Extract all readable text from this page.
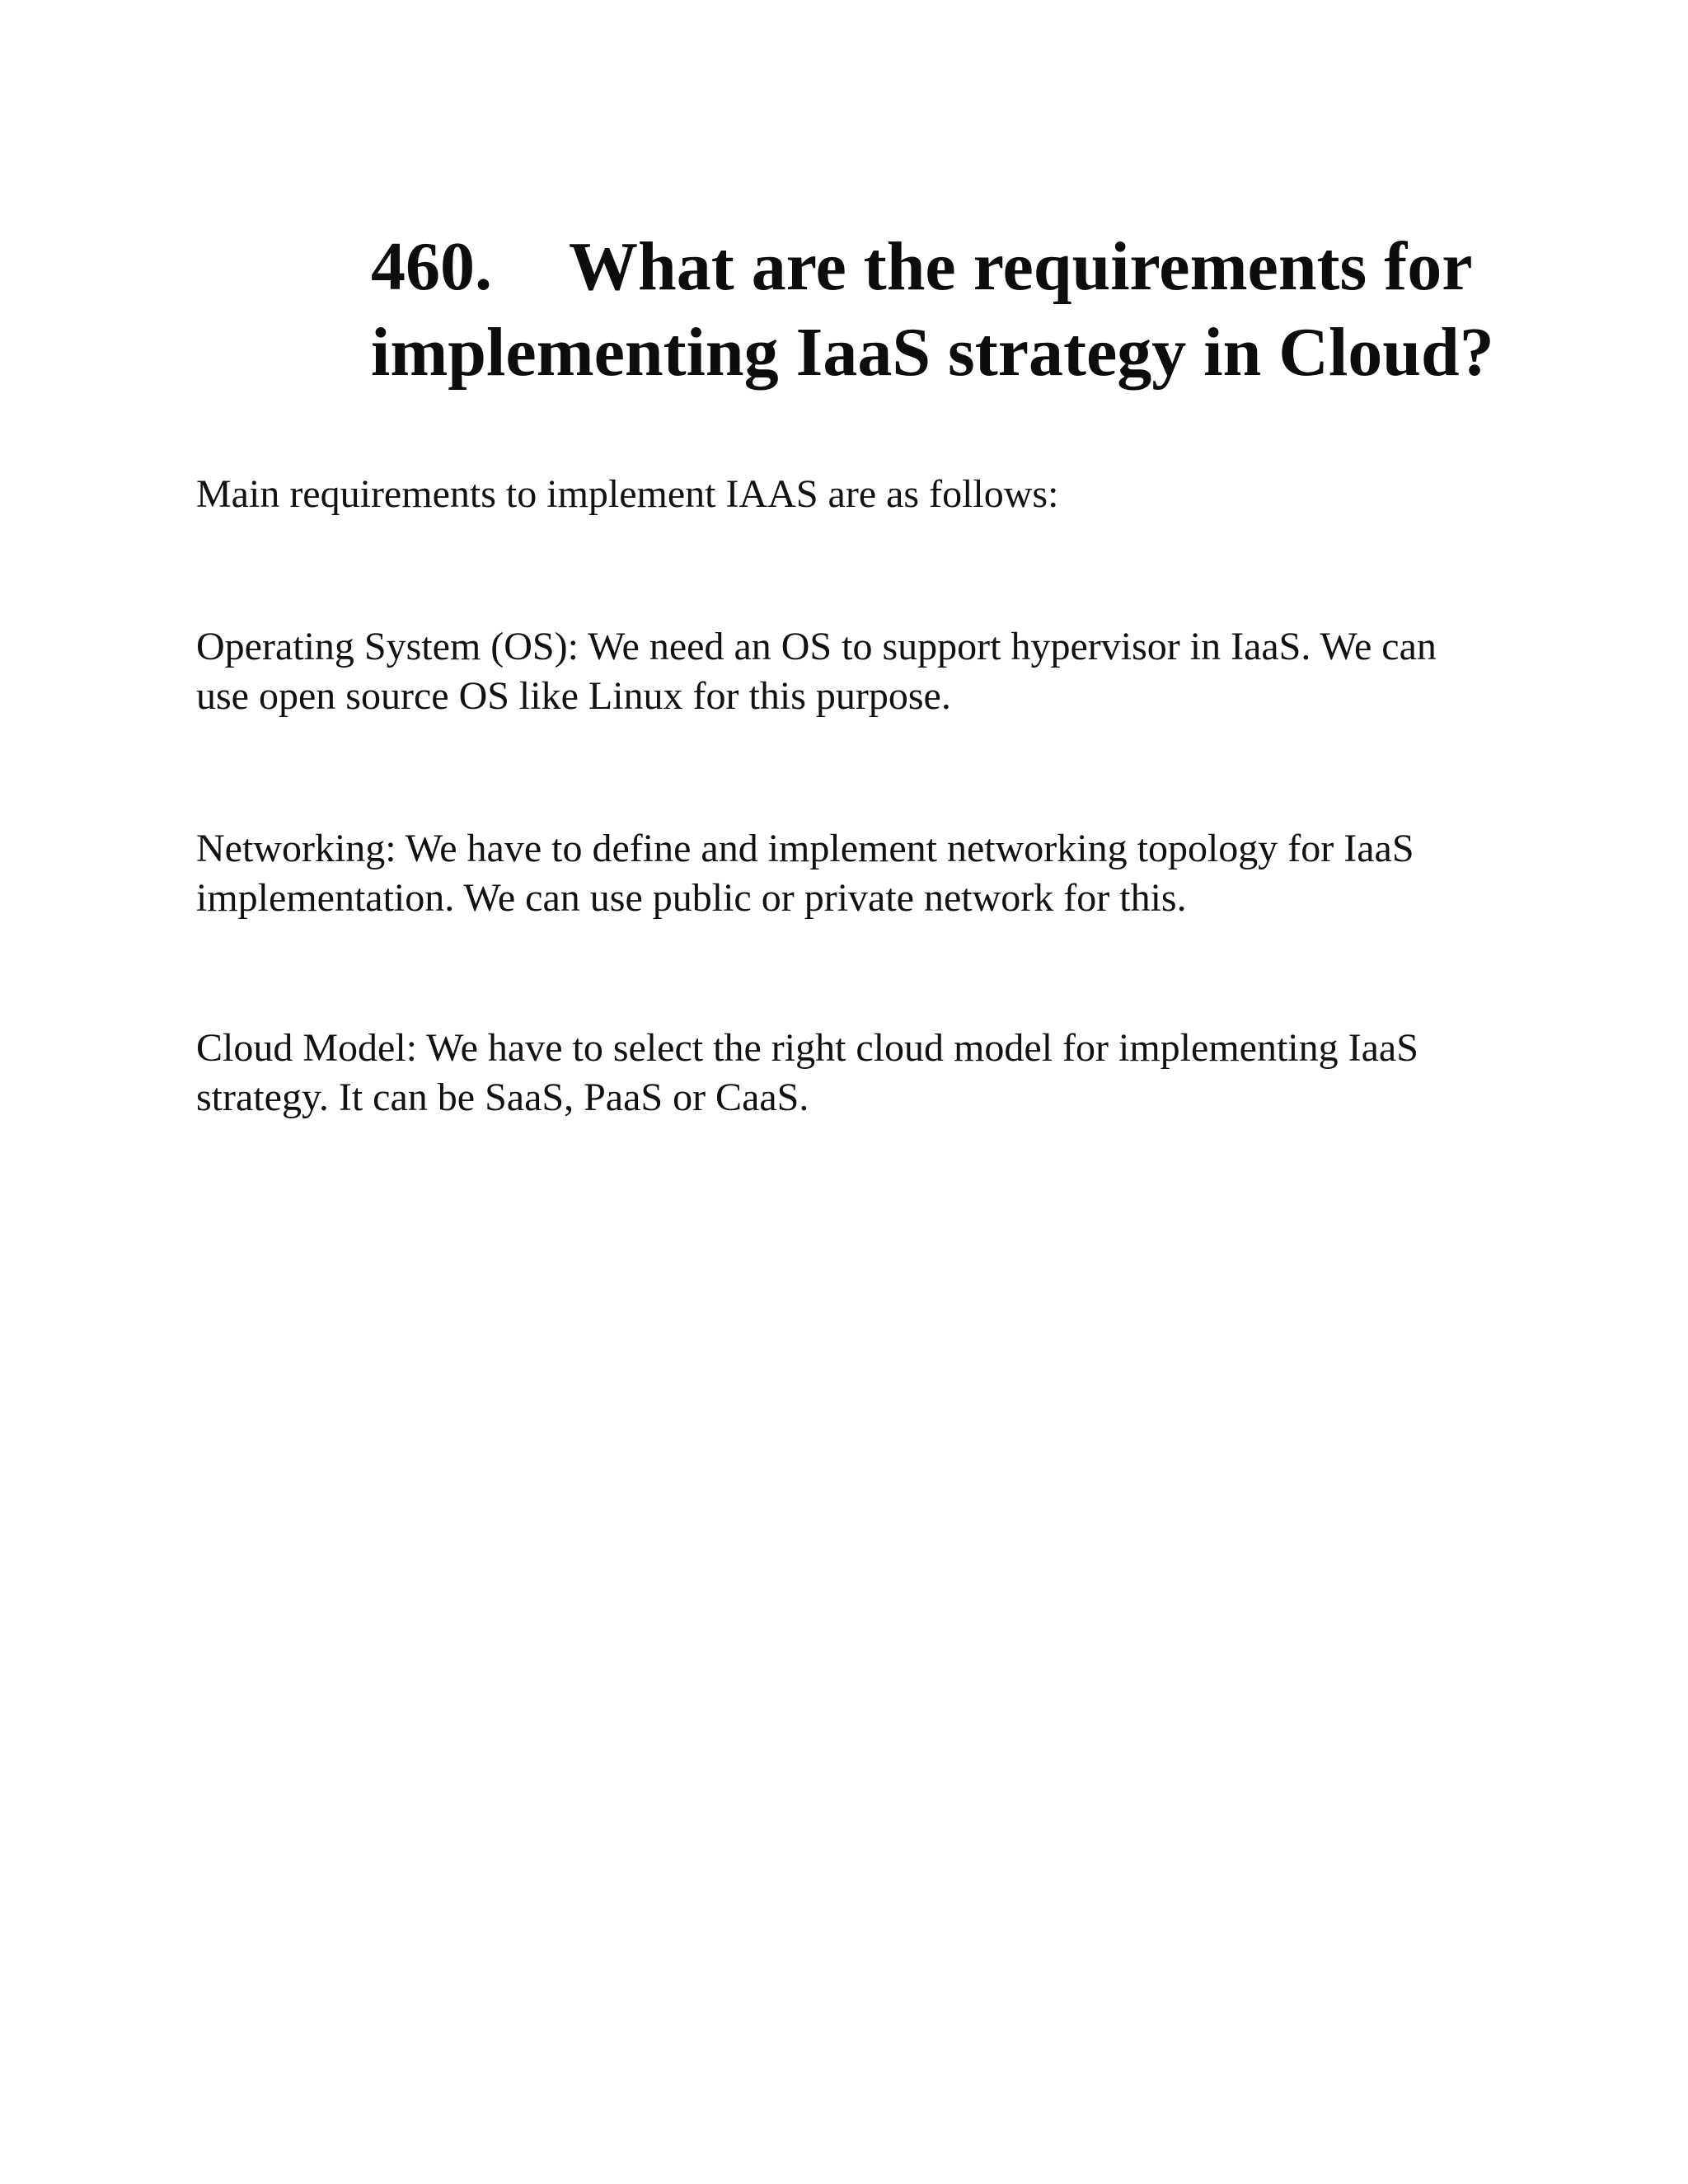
460. What are the requirements for
implementing IaaS strategy in Cloud?

Main requirements to implement IAAS are as follows:

Operating System (OS): We need an OS to support hypervisor in IaaS. We can
use open source OS like Linux for this purpose.

Networking: We have to define and implement networking topology for IaaS
implementation. We can use public or private network for this.

Cloud Model: We have to select the right cloud model for implementing IaaS
strategy. It can be SaaS, PaaS or CaaS.
